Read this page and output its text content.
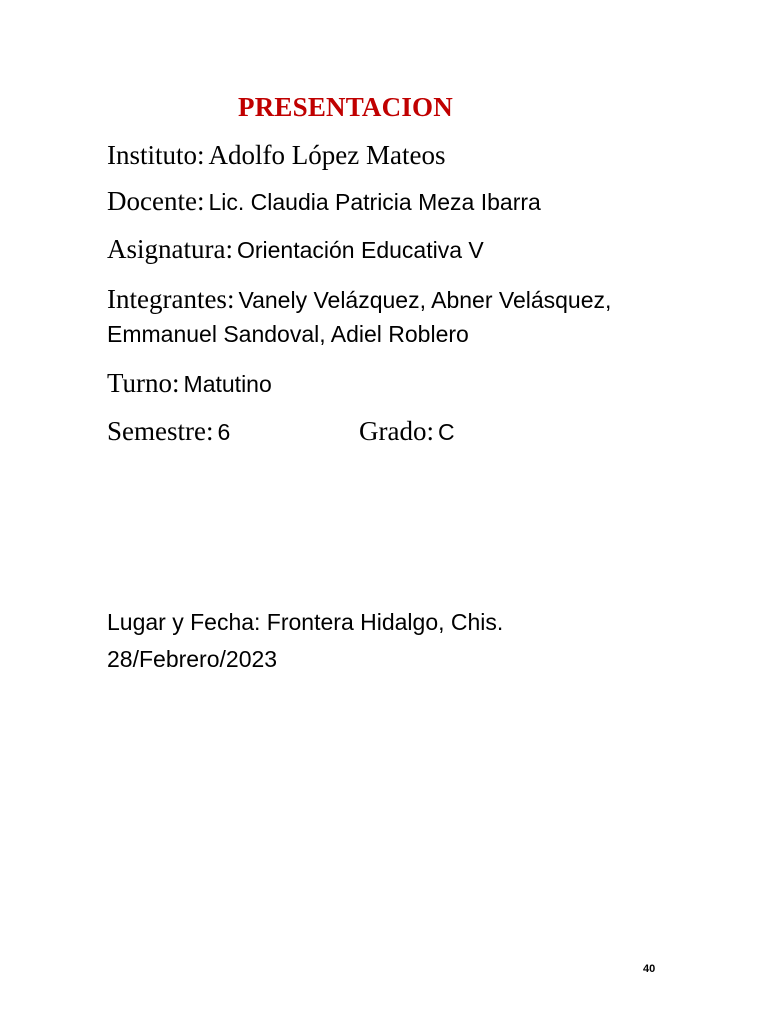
PRESENTACION
Instituto: Adolfo López Mateos
Docente: Lic. Claudia Patricia Meza Ibarra
Asignatura: Orientación Educativa V
Integrantes: Vanely Velázquez, Abner Velásquez,
Emmanuel Sandoval, Adiel Roblero
Turno: Matutino
Semestre: 6	Grado: C
Lugar y Fecha: Frontera Hidalgo, Chis.
28/Febrero/2023
40
